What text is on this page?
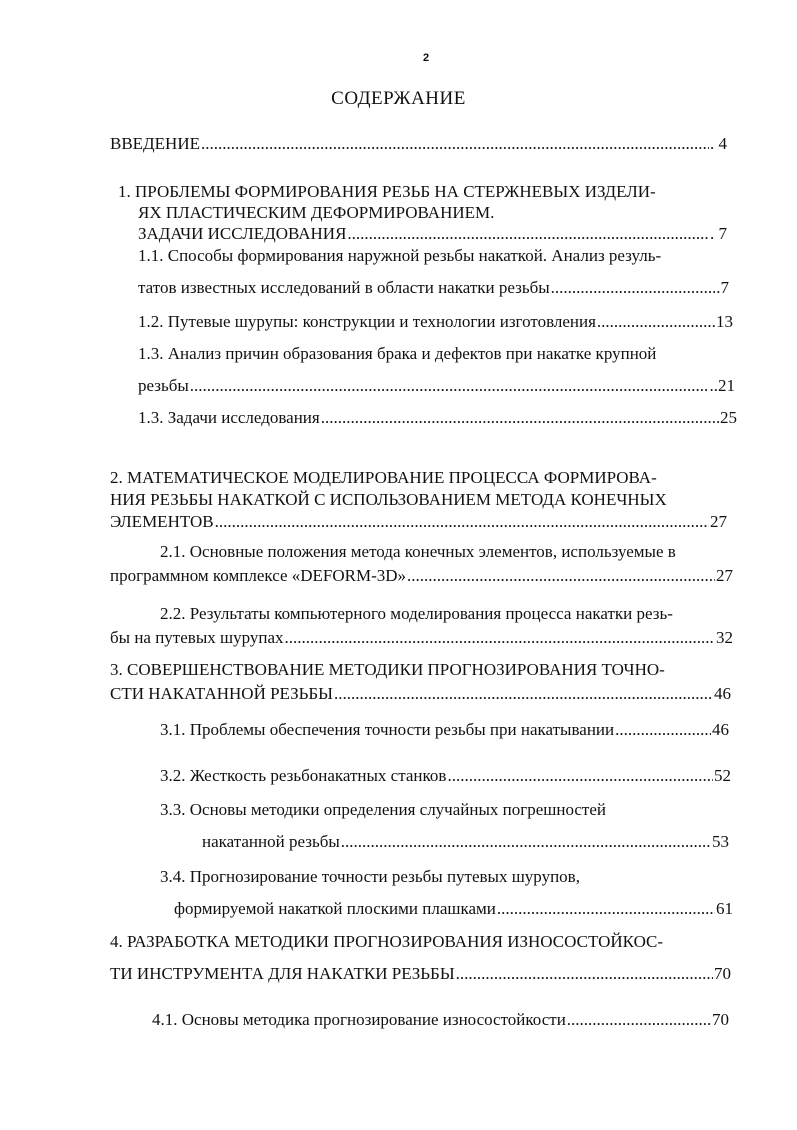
2
СОДЕРЖАНИЕ
ВВЕДЕНИЕ .....	. 4
1. ПРОБЛЕМЫ ФОРМИРОВАНИЯ РЕЗЬБ НА СТЕРЖНЕВЫХ ИЗДЕЛИ-
ЯХ ПЛАСТИЧЕСКИМ ДЕФОРМИРОВАНИЕМ.
ЗАДАЧИ ИССЛЕДОВАНИЯ .....	. 7
1.1. Способы формирования наружной резьбы накаткой. Анализ резуль-
татов известных исследований в области накатки резьбы .....	.7
1.2. Путевые шурупы: конструкции и технологии изготовления .....	13
1.3. Анализ причин образования брака и дефектов при накатке крупной
резьбы .....	..21
1.3. Задачи исследования .....	25
2. МАТЕМАТИЧЕСКОЕ МОДЕЛИРОВАНИЕ ПРОЦЕССА ФОРМИРОВА-
НИЯ РЕЗЬБЫ НАКАТКОЙ С ИСПОЛЬЗОВАНИЕМ МЕТОДА КОНЕЧНЫХ
ЭЛЕМЕНТОВ .....	27
2.1. Основные положения метода конечных элементов, используемые в
программном комплексе «DEFORM-3D» .....	27
2.2. Результаты компьютерного моделирования процесса накатки резь-
бы на путевых шурупах .....	32
3. СОВЕРШЕНСТВОВАНИЕ МЕТОДИКИ ПРОГНОЗИРОВАНИЯ ТОЧНО-
СТИ НАКАТАННОЙ РЕЗЬБЫ .....	46
3.1. Проблемы обеспечения точности резьбы при накатывании .....	46
3.2. Жесткость резьбонакатных станков .....	52
3.3. Основы методики определения случайных погрешностей
накатанной резьбы .....	53
3.4. Прогнозирование точности резьбы путевых шурупов,
формируемой накаткой плоскими плашками .....	61
4. РАЗРАБОТКА МЕТОДИКИ ПРОГНОЗИРОВАНИЯ ИЗНОСОСТОЙКОС-
ТИ ИНСТРУМЕНТА ДЛЯ НАКАТКИ РЕЗЬБЫ .....	70
4.1. Основы методика прогнозирование износостойкости .....	70
